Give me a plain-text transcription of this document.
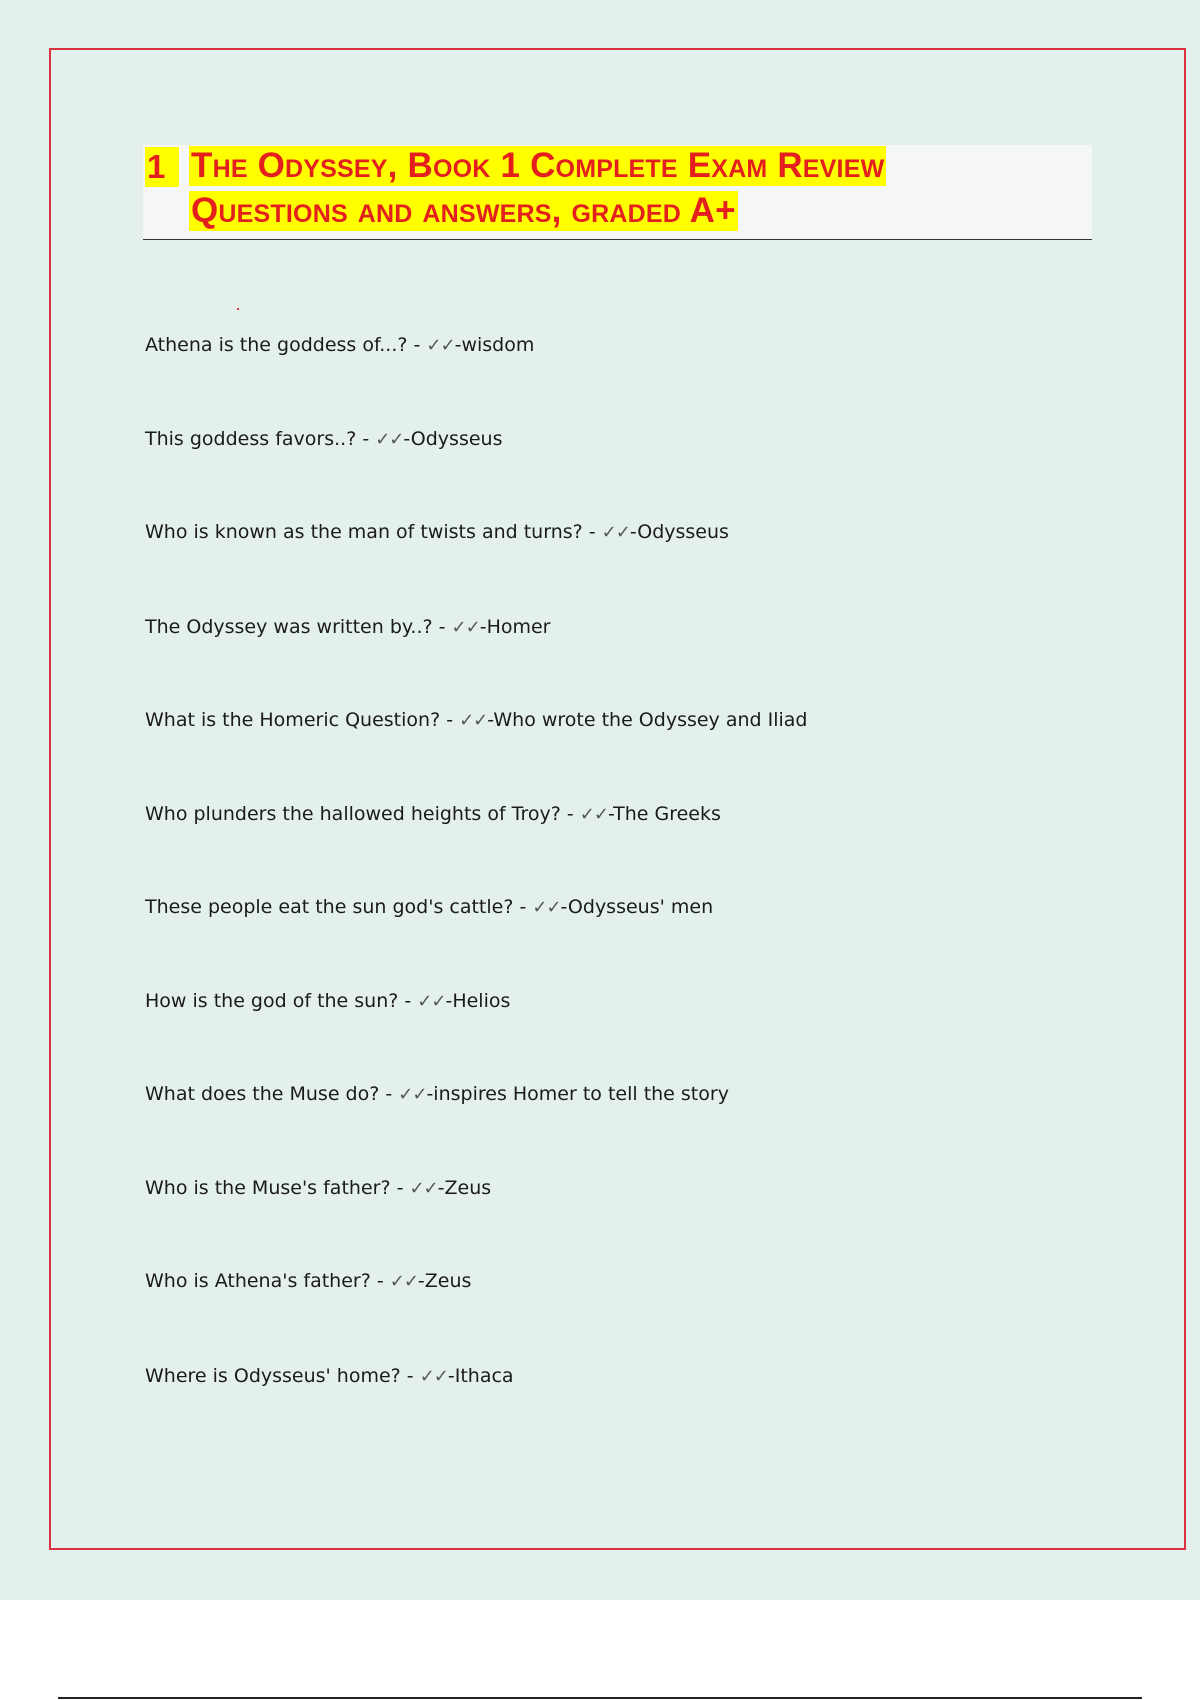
1 The Odyssey, Book 1 Complete Exam Review
Questions and answers, graded A+

Athena is the goddess of...? - ✓✓-wisdom

This goddess favors..? - ✓✓-Odysseus

Who is known as the man of twists and turns? - ✓✓-Odysseus

The Odyssey was written by..? - ✓✓-Homer

What is the Homeric Question? - ✓✓-Who wrote the Odyssey and Iliad

Who plunders the hallowed heights of Troy? - ✓✓-The Greeks

These people eat the sun god's cattle? - ✓✓-Odysseus' men

How is the god of the sun? - ✓✓-Helios

What does the Muse do? - ✓✓-inspires Homer to tell the story

Who is the Muse's father? - ✓✓-Zeus

Who is Athena's father? - ✓✓-Zeus

Where is Odysseus' home? - ✓✓-Ithaca
